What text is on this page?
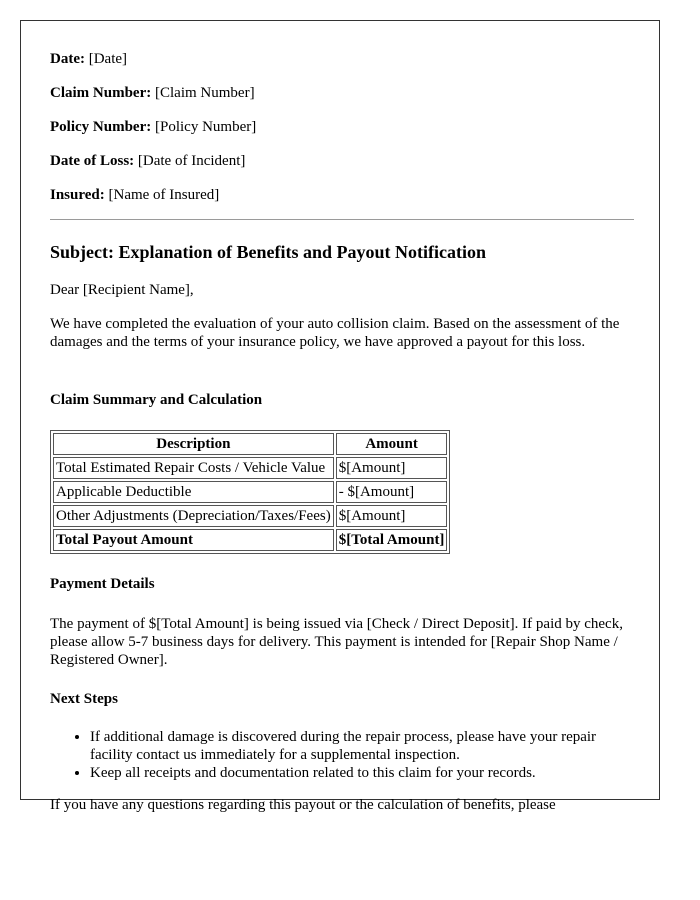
Date: [Date]

Claim Number: [Claim Number]

Policy Number: [Policy Number]

Date of Loss: [Date of Incident]

Insured: [Name of Insured]

Subject: Explanation of Benefits and Payout Notification

Dear [Recipient Name],

We have completed the evaluation of your auto collision claim. Based on the assessment of the damages and the terms of your insurance policy, we have approved a payout for this loss.

Claim Summary and Calculation

Description	Amount
Total Estimated Repair Costs / Vehicle Value	$[Amount]
Applicable Deductible	- $[Amount]
Other Adjustments (Depreciation/Taxes/Fees)	$[Amount]
Total Payout Amount	$[Total Amount]

Payment Details

The payment of $[Total Amount] is being issued via [Check / Direct Deposit]. If paid by check, please allow 5-7 business days for delivery. This payment is intended for [Repair Shop Name / Registered Owner].

Next Steps

• If additional damage is discovered during the repair process, please have your repair facility contact us immediately for a supplemental inspection.
• Keep all receipts and documentation related to this claim for your records.

If you have any questions regarding this payout or the calculation of benefits, please
